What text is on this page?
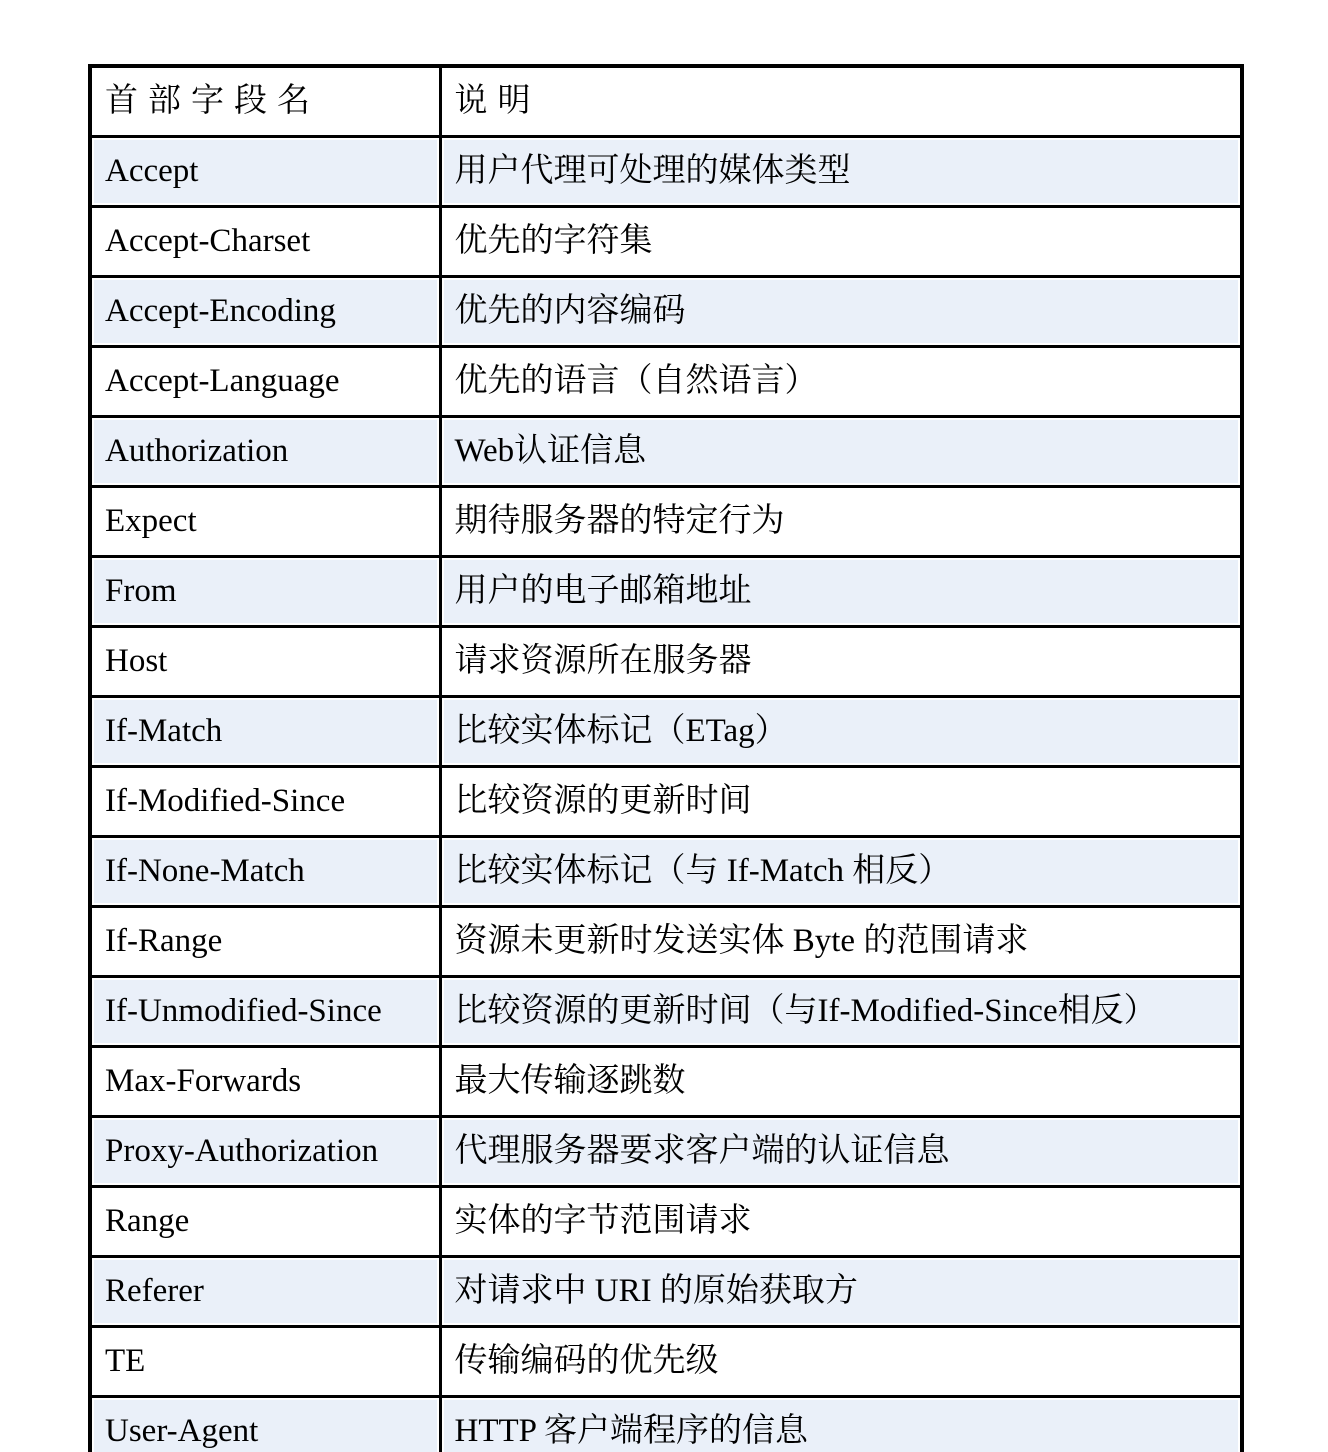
首部字段名	说明
Accept	用户代理可处理的媒体类型
Accept-Charset	优先的字符集
Accept-Encoding	优先的内容编码
Accept-Language	优先的语言（自然语言）
Authorization	Web认证信息
Expect	期待服务器的特定行为
From	用户的电子邮箱地址
Host	请求资源所在服务器
If-Match	比较实体标记（ETag）
If-Modified-Since	比较资源的更新时间
If-None-Match	比较实体标记（与 If-Match 相反）
If-Range	资源未更新时发送实体 Byte 的范围请求
If-Unmodified-Since	比较资源的更新时间（与If-Modified-Since相反）
Max-Forwards	最大传输逐跳数
Proxy-Authorization	代理服务器要求客户端的认证信息
Range	实体的字节范围请求
Referer	对请求中 URI 的原始获取方
TE	传输编码的优先级
User-Agent	HTTP 客户端程序的信息
